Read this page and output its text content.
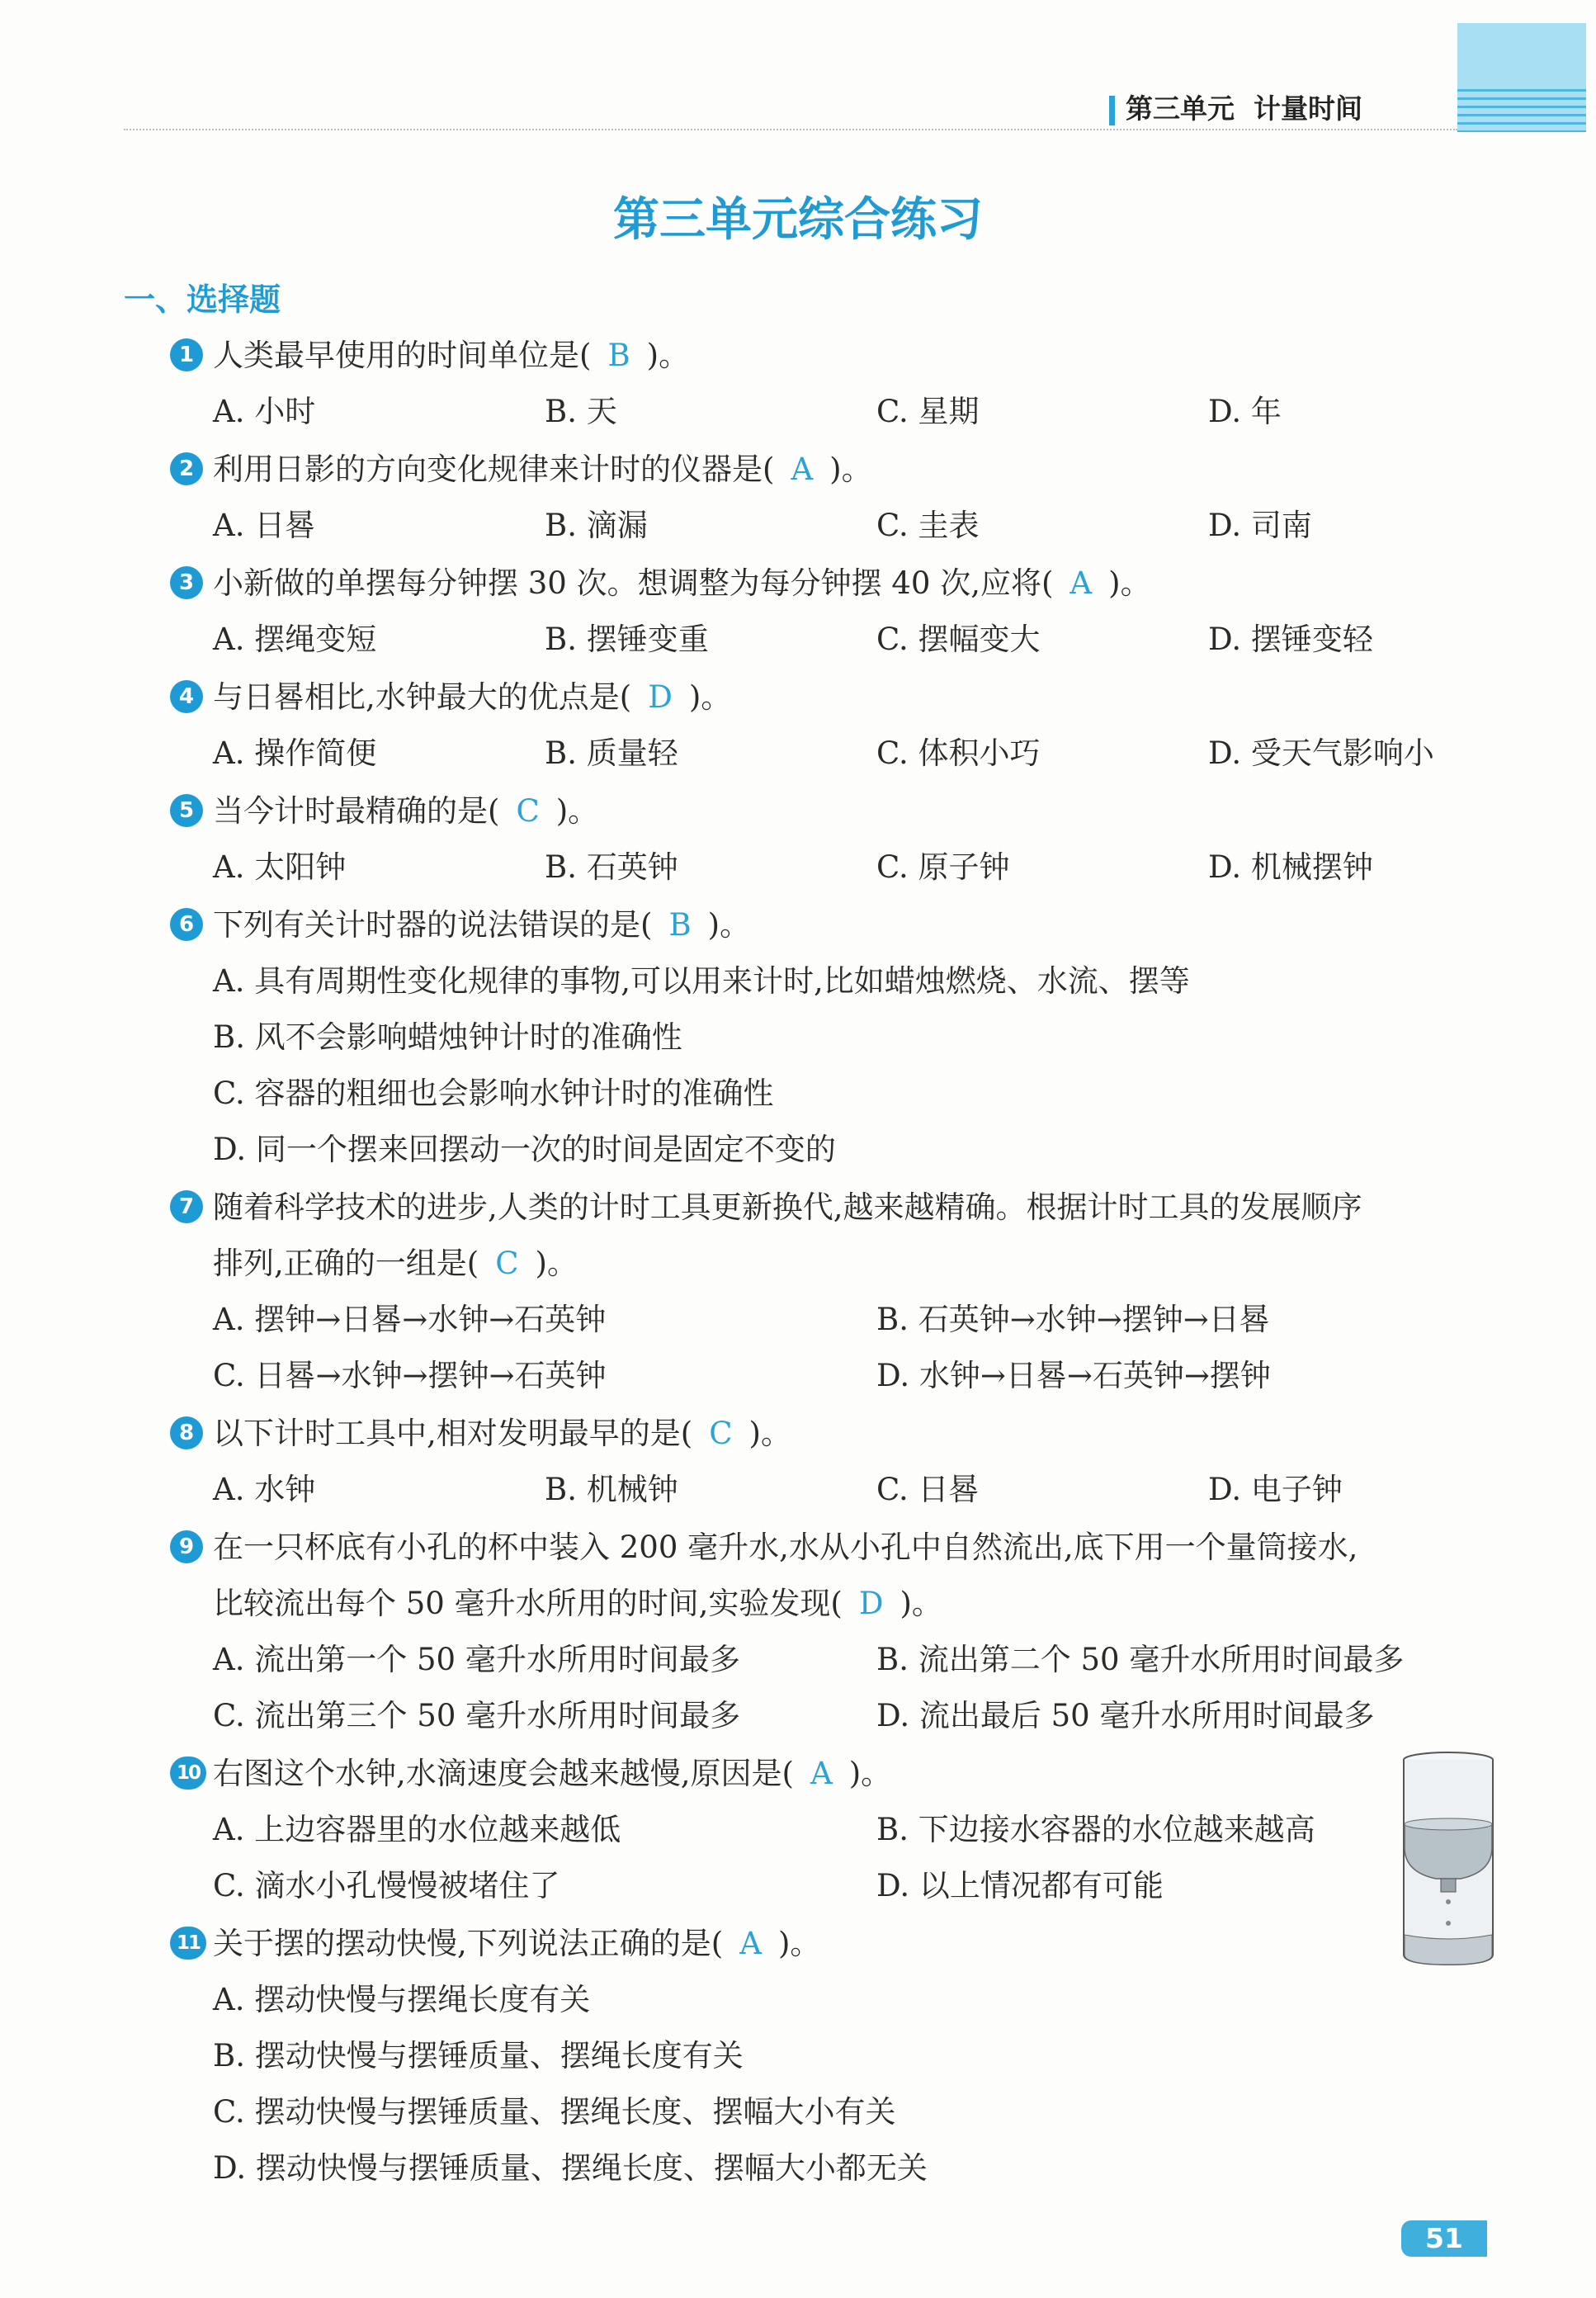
第三单元 计量时间
第三单元综合练习
一、选择题
1 人类最早使用的时间单位是( B )。
A. 小时	B. 天	C. 星期	D. 年
2 利用日影的方向变化规律来计时的仪器是( A )。
A. 日晷	B. 滴漏	C. 圭表	D. 司南
3 小新做的单摆每分钟摆 30 次。想调整为每分钟摆 40 次,应将( A )。
A. 摆绳变短	B. 摆锤变重	C. 摆幅变大	D. 摆锤变轻
4 与日晷相比,水钟最大的优点是( D )。
A. 操作简便	B. 质量轻	C. 体积小巧	D. 受天气影响小
5 当今计时最精确的是( C )。
A. 太阳钟	B. 石英钟	C. 原子钟	D. 机械摆钟
6 下列有关计时器的说法错误的是( B )。
A. 具有周期性变化规律的事物,可以用来计时,比如蜡烛燃烧、水流、摆等
B. 风不会影响蜡烛钟计时的准确性
C. 容器的粗细也会影响水钟计时的准确性
D. 同一个摆来回摆动一次的时间是固定不变的
7 随着科学技术的进步,人类的计时工具更新换代,越来越精确。根据计时工具的发展顺序
排列,正确的一组是( C )。
A. 摆钟→日晷→水钟→石英钟	B. 石英钟→水钟→摆钟→日晷
C. 日晷→水钟→摆钟→石英钟	D. 水钟→日晷→石英钟→摆钟
8 以下计时工具中,相对发明最早的是( C )。
A. 水钟	B. 机械钟	C. 日晷	D. 电子钟
9 在一只杯底有小孔的杯中装入 200 毫升水,水从小孔中自然流出,底下用一个量筒接水,
比较流出每个 50 毫升水所用的时间,实验发现( D )。
A. 流出第一个 50 毫升水所用时间最多	B. 流出第二个 50 毫升水所用时间最多
C. 流出第三个 50 毫升水所用时间最多	D. 流出最后 50 毫升水所用时间最多
10 右图这个水钟,水滴速度会越来越慢,原因是( A )。
A. 上边容器里的水位越来越低	B. 下边接水容器的水位越来越高
C. 滴水小孔慢慢被堵住了	D. 以上情况都有可能
11 关于摆的摆动快慢,下列说法正确的是( A )。
A. 摆动快慢与摆绳长度有关
B. 摆动快慢与摆锤质量、摆绳长度有关
C. 摆动快慢与摆锤质量、摆绳长度、摆幅大小有关
D. 摆动快慢与摆锤质量、摆绳长度、摆幅大小都无关
51
